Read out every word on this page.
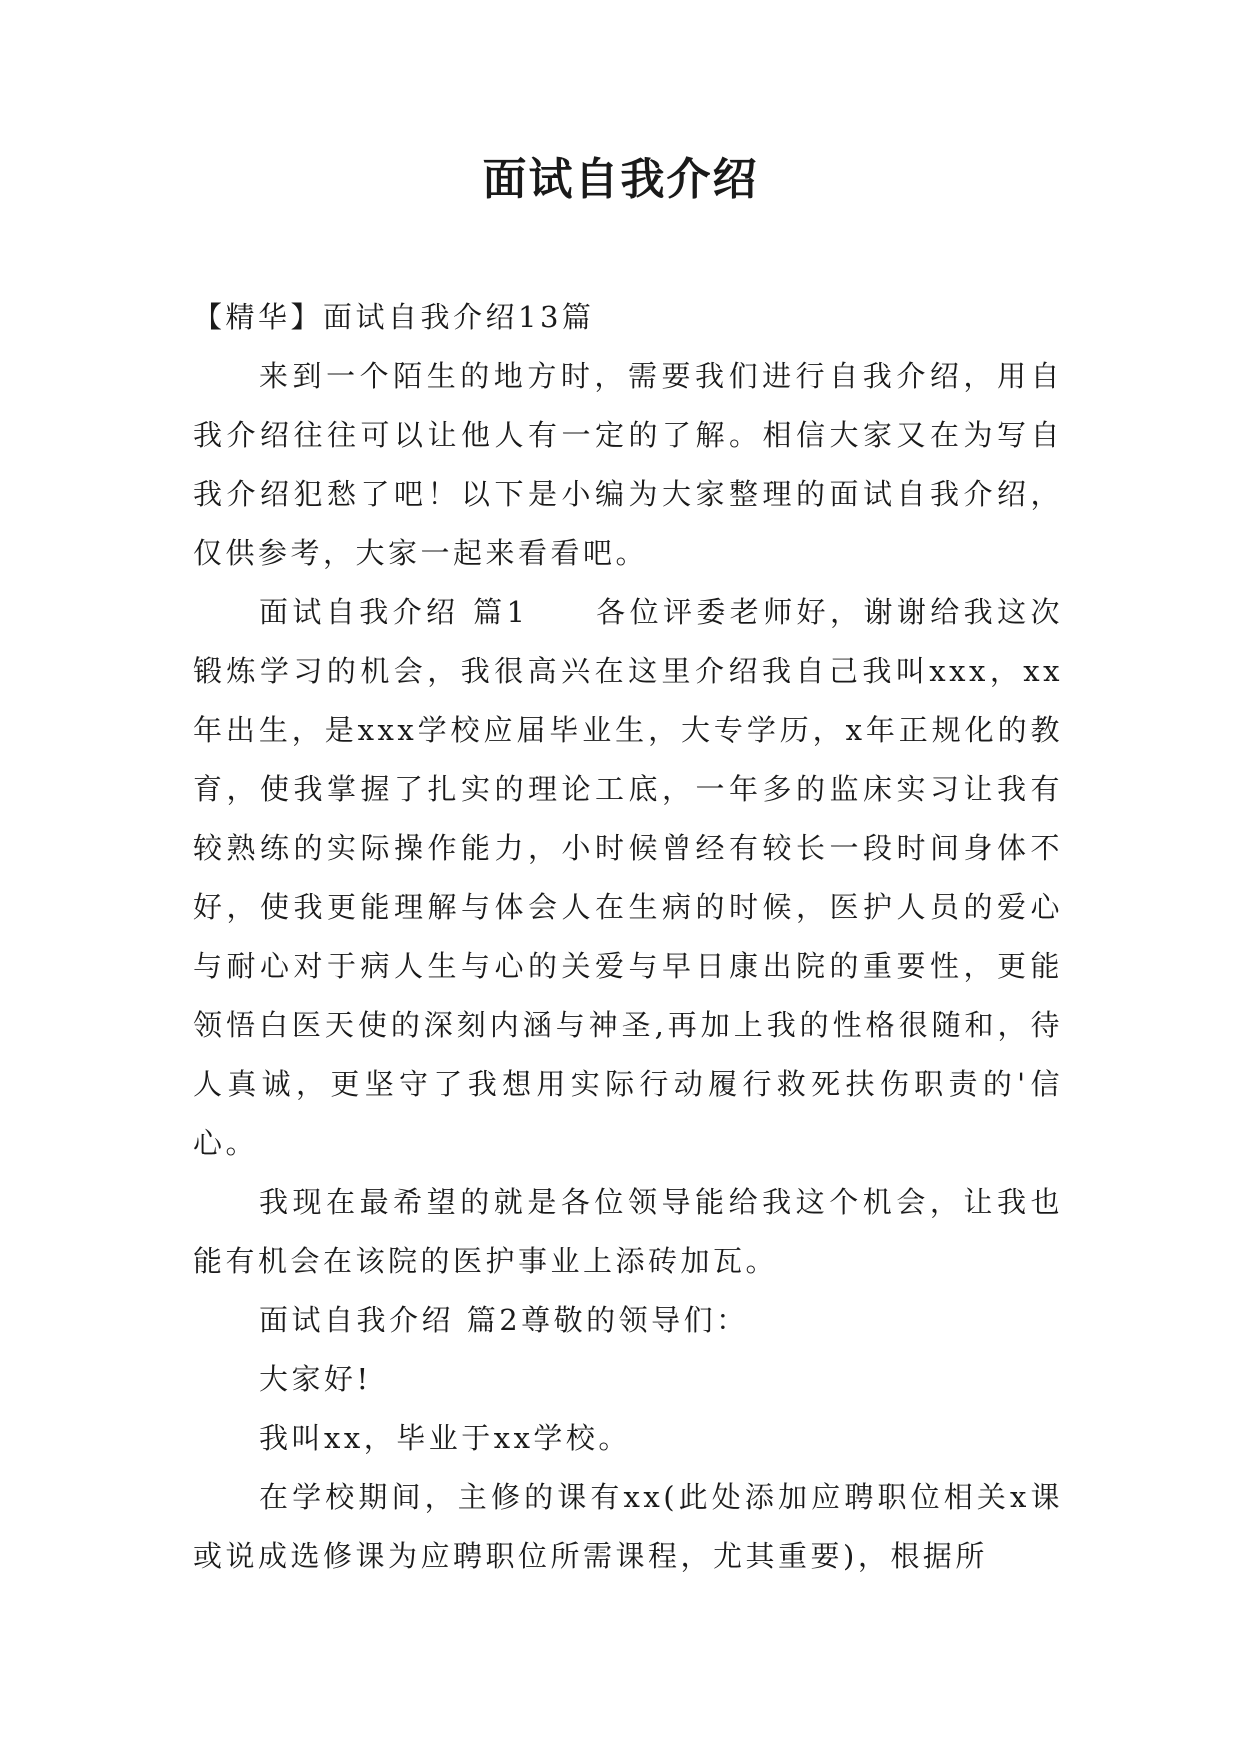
面试自我介绍

【精华】面试自我介绍13篇

来到一个陌生的地方时，需要我们进行自我介绍，用自我介绍往往可以让他人有一定的了解。相信大家又在为写自我介绍犯愁了吧！以下是小编为大家整理的面试自我介绍，仅供参考，大家一起来看看吧。

面试自我介绍 篇1　　各位评委老师好，谢谢给我这次锻炼学习的机会，我很高兴在这里介绍我自己我叫xxx，xx年出生，是xxx学校应届毕业生，大专学历，x年正规化的教育，使我掌握了扎实的理论工底，一年多的监床实习让我有较熟练的实际操作能力，小时候曾经有较长一段时间身体不好，使我更能理解与体会人在生病的时候，医护人员的爱心与耐心对于病人生与心的关爱与早日康出院的重要性，更能领悟白医天使的深刻内涵与神圣,再加上我的性格很随和，待人真诚，更坚守了我想用实际行动履行救死扶伤职责的'信心。

我现在最希望的就是各位领导能给我这个机会，让我也能有机会在该院的医护事业上添砖加瓦。

面试自我介绍 篇2尊敬的领导们：

大家好!

我叫xx，毕业于xx学校。

在学校期间，主修的课有xx(此处添加应聘职位相关x课或说成选修课为应聘职位所需课程，尤其重要)，根据所
